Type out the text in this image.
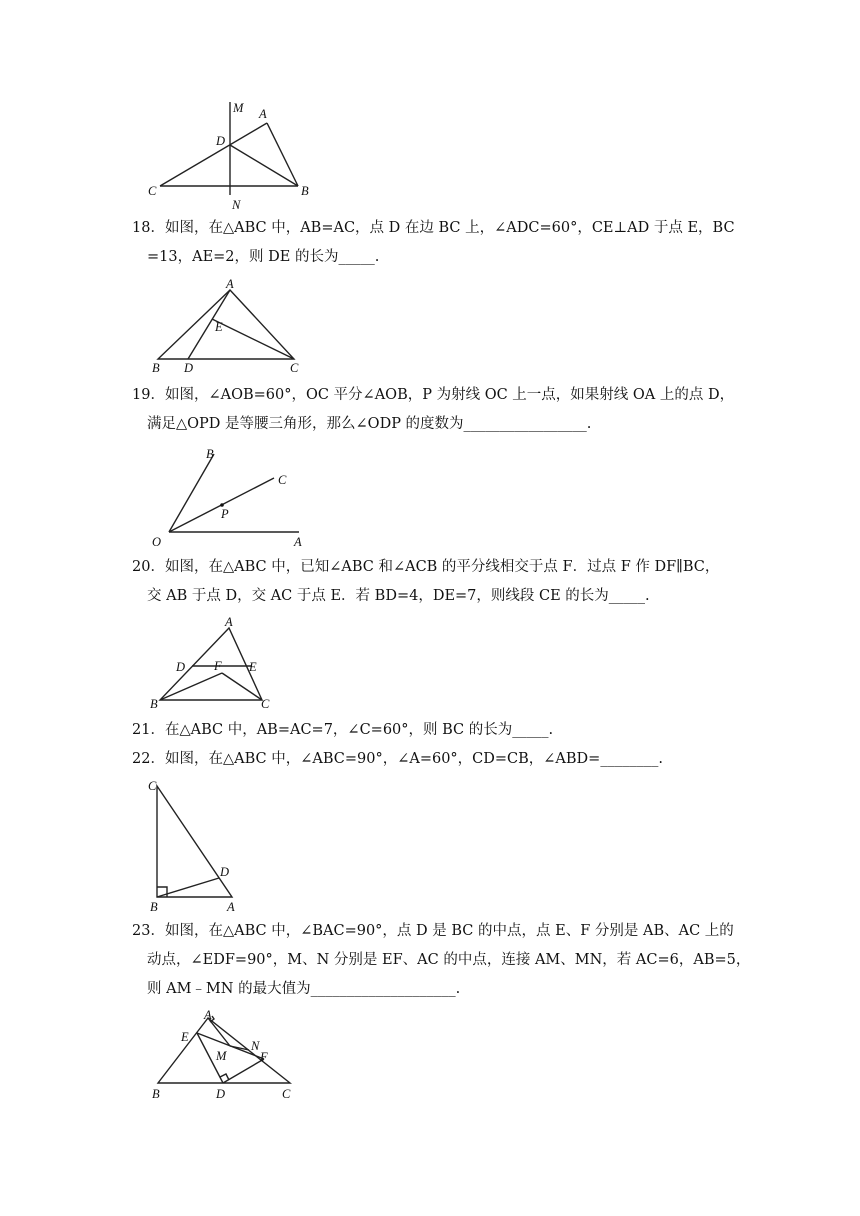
M A
D
C	B
N
18．如图，在△ABC 中，AB=AC，点 D 在边 BC 上，∠ADC=60°，CE⊥AD 于点 E，BC
=13，AE=2，则 DE 的长为_____.
A
E
B D	C
19．如图，∠AOB=60°，OC 平分∠AOB，P 为射线 OC 上一点，如果射线 OA 上的点 D，
满足△OPD 是等腰三角形，那么∠ODP 的度数为_________________.
B
C
P
O	A
20．如图，在△ABC 中，已知∠ABC 和∠ACB 的平分线相交于点 F．过点 F 作 DF∥BC，
交 AB 于点 D，交 AC 于点 E．若 BD=4，DE=7，则线段 CE 的长为_____.
A
D F E
B	C
21．在△ABC 中，AB=AC=7，∠C=60°，则 BC 的长为_____.
22．如图，在△ABC 中，∠ABC=90°，∠A=60°，CD=CB，∠ABD=________.
C
D
B	A
23．如图，在△ABC 中，∠BAC=90°，点 D 是 BC 的中点，点 E、F 分别是 AB、AC 上的
动点，∠EDF=90°，M、N 分别是 EF、AC 的中点，连接 AM、MN，若 AC=6，AB=5，
则 AM﹣MN 的最大值为____________________.
A
E
M
N
F
B	D	C
